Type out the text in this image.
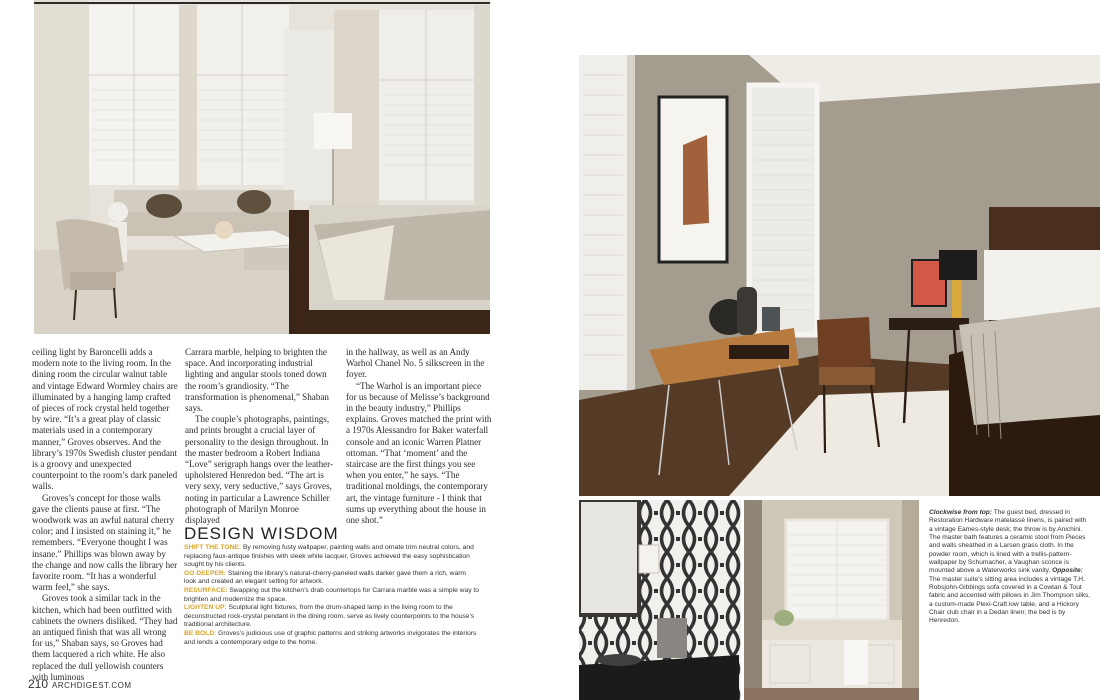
ceiling light by Baroncelli adds a modern note to the living room. In the dining room the circular walnut table and vintage Edward Wormley chairs are illuminated by a hanging lamp crafted of pieces of rock crystal held together by wire. “It’s a great play of classic materials used in a contemporary manner,” Groves observes. And the library’s 1970s Swedish cluster pendant is a groovy and unexpected counterpoint to the room’s dark paneled walls.

Groves’s concept for those walls gave the clients pause at first. “The woodwork was an awful natural cherry color; and I insisted on staining it,” he remembers. “Everyone thought I was insane.” Phillips was blown away by the change and now calls the library her favorite room. “It has a wonderful warm feel,” she says.

Groves took a similar tack in the kitchen, which had been outfitted with cabinets the owners disliked. “They had an antiqued finish that was all wrong for us,” Shaban says, so Groves had them lacquered a rich white. He also replaced the dull yellowish counters with luminous

Carrara marble, helping to brighten the space. And incorporating industrial lighting and angular stools toned down the room’s grandiosity. “The transformation is phenomenal,” Shaban says.

The couple’s photographs, paintings, and prints brought a crucial layer of personality to the design throughout. In the master bedroom a Robert Indiana “Love” serigraph hangs over the leather-upholstered Henredon bed. “The art is very sexy, very seductive,” says Groves, noting in particular a Lawrence Schiller photograph of Marilyn Monroe displayed

in the hallway, as well as an Andy Warhol Chanel No. 5 silkscreen in the foyer.

“The Warhol is an important piece for us because of Melisse’s background in the beauty industry,” Phillips explains. Groves matched the print with a 1970s Alessandro for Baker waterfall console and an iconic Warren Platner ottoman. “That ‘moment’ and the staircase are the first things you see when you enter,” he says. “The traditional moldings, the contemporary art, the vintage furniture - I think that sums up everything about the house in one shot.”

DESIGN WISDOM

SHIFT THE TONE: By removing fusty wallpaper, painting walls and ornate trim neutral colors, and replacing faux-antique finishes with sleek white lacquer, Groves achieved the easy sophistication sought by his clients.

GO DEEPER: Staining the library’s natural-cherry-paneled walls darker gave them a rich, warm look and created an elegant setting for artwork.

RESURFACE: Swapping out the kitchen’s drab countertops for Carrara marble was a simple way to brighten and modernize the space.

LIGHTEN UP: Sculptural light fixtures, from the drum-shaped lamp in the living room to the deconstructed rock-crystal pendant in the dining room, serve as lively counterpoints to the house’s traditional architecture.

BE BOLD: Groves’s judicious use of graphic patterns and striking artworks invigorates the interiors and lends a contemporary edge to the home.

Clockwise from top: The guest bed, dressed in Restoration Hardware matelassé linens, is paired with a vintage Eames-style desk; the throw is by Anichini. The master bath features a ceramic stool from Pieces and walls sheathed in a Larsen grass cloth. In the powder room, which is lined with a trellis-pattern-wallpaper by Schumacher, a Vaughan sconce is mounted above a Waterworks sink vanity. Opposite: The master suite’s sitting area includes a vintage T.H. Robsjohn-Gibbings sofa covered in a Cowtan & Tout fabric and accented with pillows in Jim Thompson silks, a custom-made Plexi-Craft low table, and a Hickory Chair club chair in a Dedan linen; the bed is by Henredon.
210 ARCHDIGEST.COM
